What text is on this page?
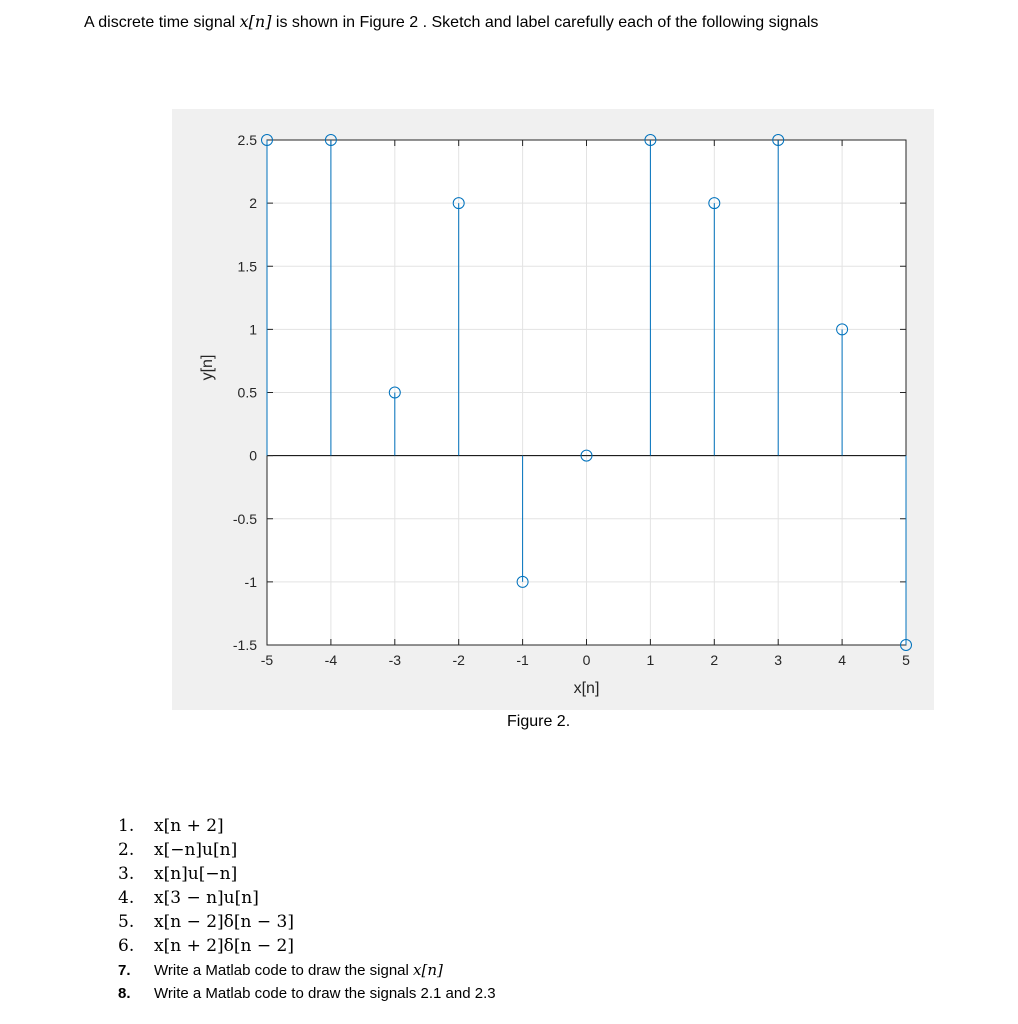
A discrete time signal x[n] is shown in Figure 2 . Sketch and label carefully each of the following signals
-5	-4	-3	-2	-1	0	1	2	3	4	5
2.5
2
1.5
1
0.5
0
-0.5
-1
-1.5
x[n]
y[n]
Figure 2.
1. x[n + 2]
2. x[−n]u[n]
3. x[n]u[−n]
4. x[3 − n]u[n]
5. x[n − 2]δ[n − 3]
6. x[n + 2]δ[n − 2]
7. Write a Matlab code to draw the signal x[n]
8. Write a Matlab code to draw the signals 2.1 and 2.3
